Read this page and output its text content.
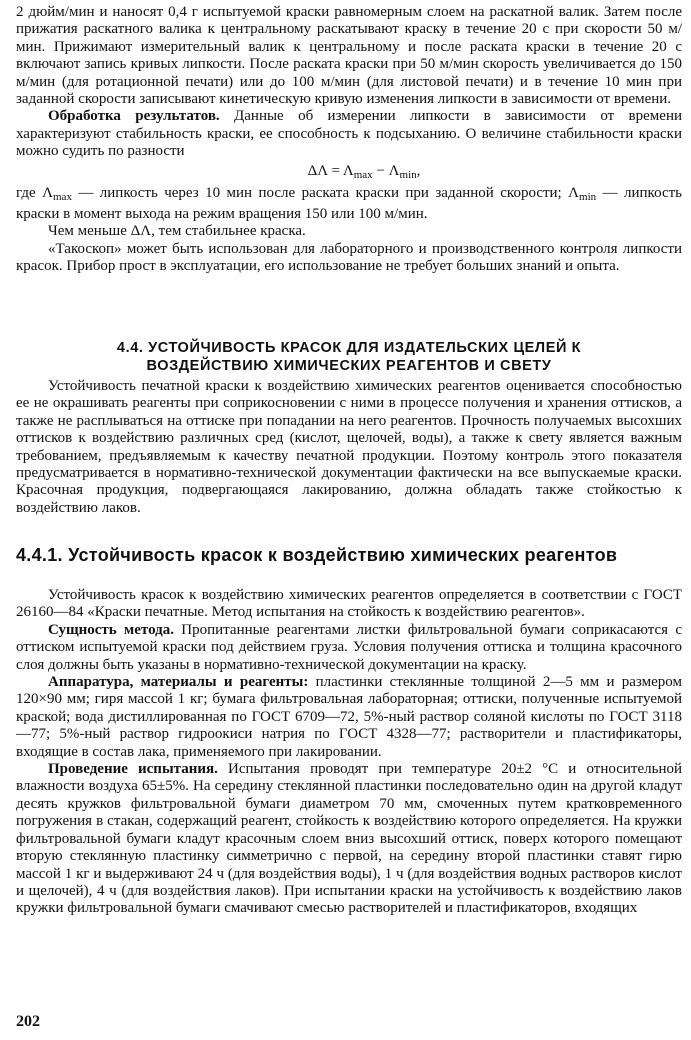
2 дюйм/мин и наносят 0,4 г испытуемой краски равномерным слоем на раскатной валик. Затем после прижатия раскатного валика к центральному раскатывают краску в течение 20 с при скорости 50 м/мин. Прижимают измерительный валик к центральному и после раската краски в течение 20 с включают запись кривых липкости. После раската краски при 50 м/мин скорость увеличивается до 150 м/мин (для ротационной печати) или до 100 м/мин (для листовой печати) и в течение 10 мин при заданной скорости записывают кинетическую кривую изменения липкости в зависимости от времени.

Обработка результатов. Данные об измерении липкости в зависимости от времени характеризуют стабильность краски, ее способность к подсыханию. О величине стабильности краски можно судить по разности

$\Delta\Lambda = \Lambda_{max} - \Lambda_{min}$,

где $\Lambda_{max}$ — липкость через 10 мин после раската краски при заданной скорости; $\Lambda_{min}$ — липкость краски в момент выхода на режим вращения 150 или 100 м/мин.

Чем меньше ΔΛ, тем стабильнее краска.

«Такоскоп» может быть использован для лабораторного и производственного контроля липкости красок. Прибор прост в эксплуатации, его использование не требует больших знаний и опыта.

4.4. УСТОЙЧИВОСТЬ КРАСОК ДЛЯ ИЗДАТЕЛЬСКИХ ЦЕЛЕЙ К
ВОЗДЕЙСТВИЮ ХИМИЧЕСКИХ РЕАГЕНТОВ И СВЕТУ

Устойчивость печатной краски к воздействию химических реагентов оценивается способностью ее не окрашивать реагенты при соприкосновении с ними в процессе получения и хранения оттисков, а также не расплываться на оттиске при попадании на него реагентов. Прочность получаемых высохших оттисков к воздействию различных сред (кислот, щелочей, воды), а также к свету является важным требованием, предъявляемым к качеству печатной продукции. Поэтому контроль этого показателя предусматривается в нормативно-технической документации фактически на все выпускаемые краски. Красочная продукция, подвергающаяся лакированию, должна обладать также стойкостью к воздействию лаков.

4.4.1. Устойчивость красок к воздействию химических реагентов

Устойчивость красок к воздействию химических реагентов определяется в соответствии с ГОСТ 26160—84 «Краски печатные. Метод испытания на стойкость к воздействию реагентов».

Сущность метода. Пропитанные реагентами листки фильтровальной бумаги соприкасаются с оттиском испытуемой краски под действием груза. Условия получения оттиска и толщина красочного слоя должны быть указаны в нормативно-технической документации на краску.

Аппаратура, материалы и реагенты: пластинки стеклянные толщиной 2—5 мм и размером 120×90 мм; гиря массой 1 кг; бумага фильтровальная лабораторная; оттиски, полученные испытуемой краской; вода дистиллированная по ГОСТ 6709—72, 5%-ный раствор соляной кислоты по ГОСТ 3118—77; 5%-ный раствор гидроокиси натрия по ГОСТ 4328—77; растворители и пластификаторы, входящие в состав лака, применяемого при лакировании.

Проведение испытания. Испытания проводят при температуре 20±2 °С и относительной влажности воздуха 65±5%. На середину стеклянной пластинки последовательно один на другой кладут десять кружков фильтровальной бумаги диаметром 70 мм, смоченных путем кратковременного погружения в стакан, содержащий реагент, стойкость к воздействию которого определяется. На кружки фильтровальной бумаги кладут красочным слоем вниз высохший оттиск, поверх которого помещают вторую стеклянную пластинку симметрично с первой, на середину второй пластинки ставят гирю массой 1 кг и выдерживают 24 ч (для воздействия воды), 1 ч (для воздействия водных растворов кислот и щелочей), 4 ч (для воздействия лаков). При испытании краски на устойчивость к воздействию лаков кружки фильтровальной бумаги смачивают смесью растворителей и пластификаторов, входящих

202
